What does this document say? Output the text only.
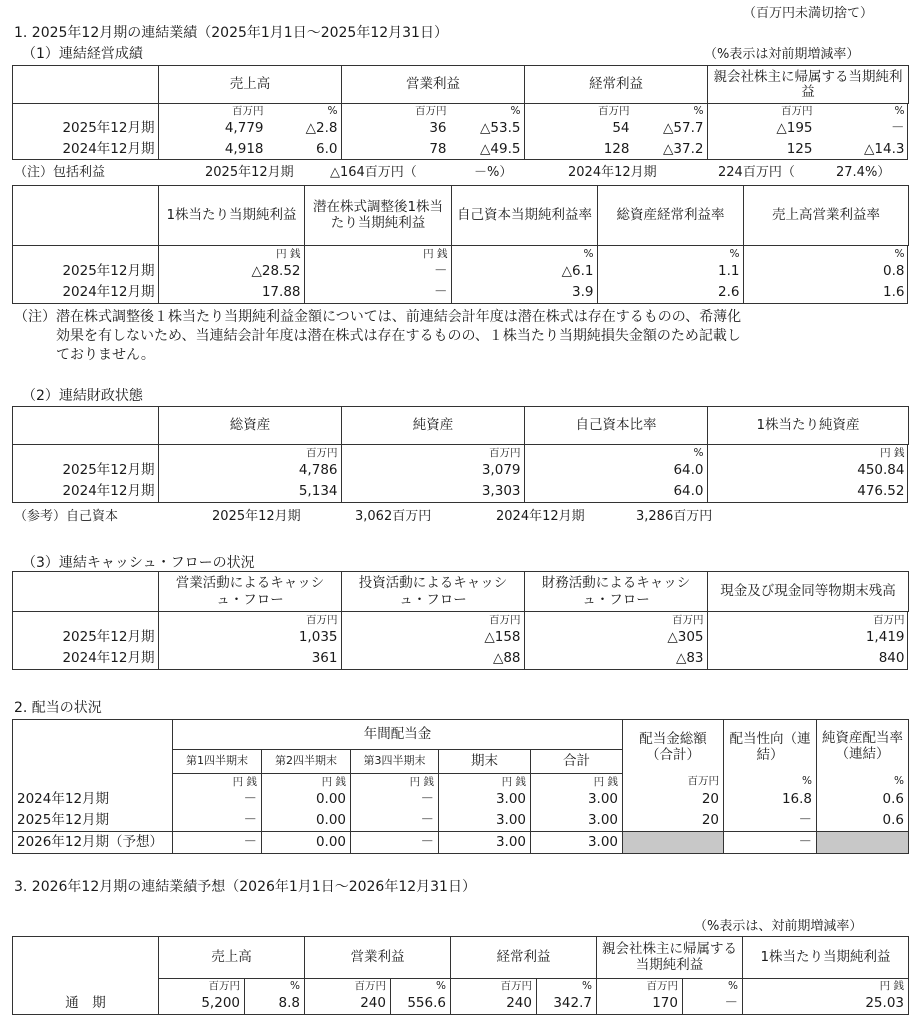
（百万円未満切捨て）
1. 2025年12月期の連結業績（2025年1月1日～2025年12月31日）
（1）連結経営成績	（%表示は対前期増減率）
	売上高		営業利益		経常利益		親会社株主に帰属する当期純利益	
	百万円	%	百万円	%	百万円	%	百万円	%
2025年12月期	4,779	△2.8	36	△53.5	54	△57.7	△195	－
2024年12月期	4,918	6.0	78	△49.5	128	△37.2	125	△14.3
（注）包括利益	2025年12月期	△164百万円（	－%）	2024年12月期	224百万円（	27.4%）
	1株当たり当期純利益	潜在株式調整後1株当たり当期純利益	自己資本当期純利益率	総資産経常利益率	売上高営業利益率
	円 銭	円 銭	%	%	%
2025年12月期	△28.52	－	△6.1	1.1	0.8
2024年12月期	17.88	－	3.9	2.6	1.6
（注） 潜在株式調整後１株当たり当期純利益金額については、前連結会計年度は潜在株式は存在するものの、希薄化
効果を有しないため、当連結会計年度は潜在株式は存在するものの、１株当たり当期純損失金額のため記載し
ておりません。
（2）連結財政状態
	総資産	純資産	自己資本比率	1株当たり純資産
	百万円	百万円	%	円 銭
2025年12月期	4,786	3,079	64.0	450.84
2024年12月期	5,134	3,303	64.0	476.52
（参考）自己資本	2025年12月期	3,062百万円	2024年12月期	3,286百万円
（3）連結キャッシュ・フローの状況
	営業活動によるキャッシュ・フロー	投資活動によるキャッシュ・フロー	財務活動によるキャッシュ・フロー	現金及び現金同等物期末残高
	百万円	百万円	百万円	百万円
2025年12月期	1,035	△158	△305	1,419
2024年12月期	361	△88	△83	840
2. 配当の状況
	年間配当金					配当金総額（合計）	配当性向（連結）	純資産配当率（連結）
	第1四半期末	第2四半期末	第3四半期末	期末	合計			
	円 銭	円 銭	円 銭	円 銭	円 銭	百万円	%	%
2024年12月期	－	0.00	－	3.00	3.00	20	16.8	0.6
2025年12月期	－	0.00	－	3.00	3.00	20	－	0.6
2026年12月期（予想）	－	0.00	－	3.00	3.00		－	
3. 2026年12月期の連結業績予想（2026年1月1日～2026年12月31日）
（%表示は、対前期増減率）
	売上高		営業利益		経常利益		親会社株主に帰属する当期純利益		1株当たり当期純利益
	百万円	%	百万円	%	百万円	%	百万円	%	円 銭
通　期	5,200	8.8	240	556.6	240	342.7	170	－	25.03
